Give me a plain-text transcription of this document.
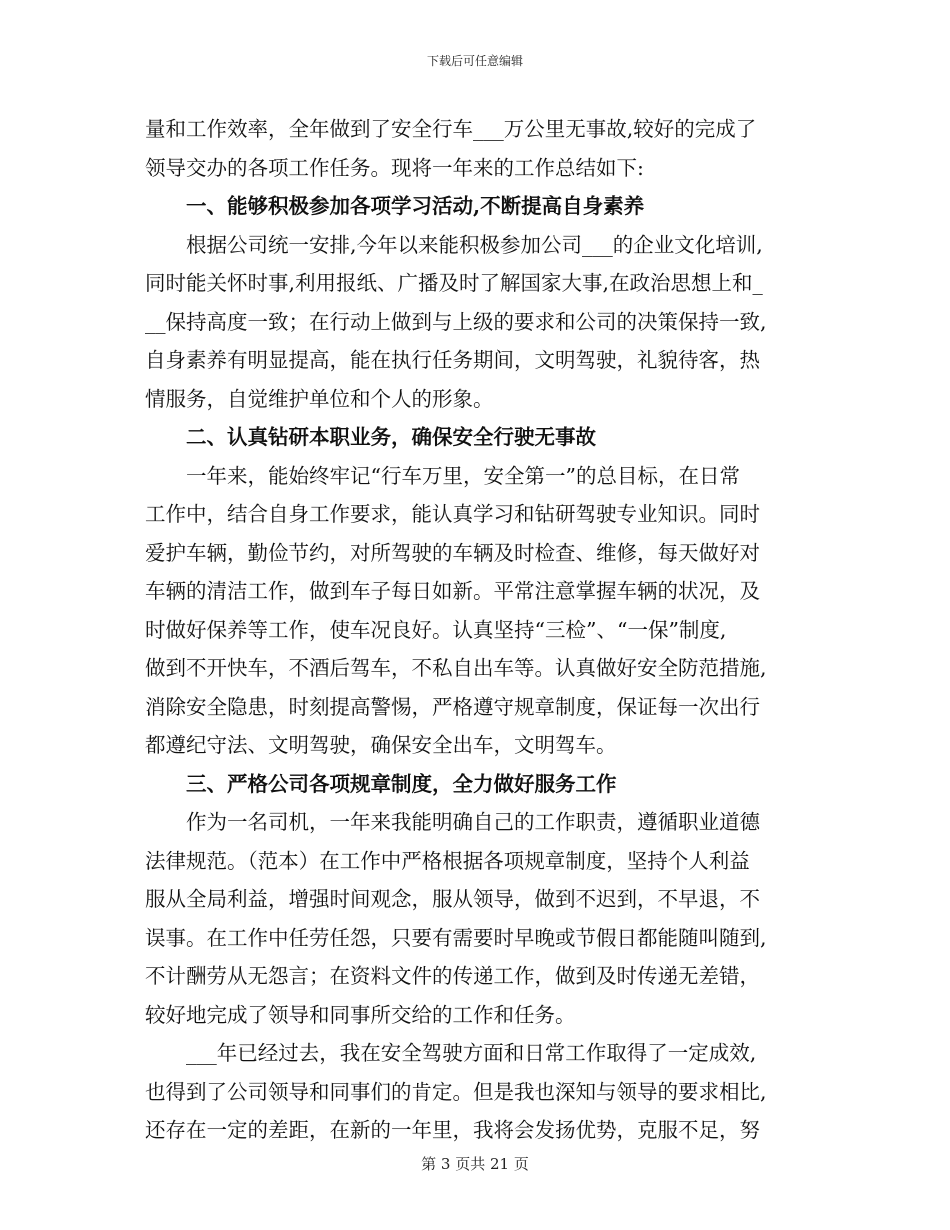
下载后可任意编辑
量和工作效率，全年做到了安全行车___万公里无事故,较好的完成了
领导交办的各项工作任务。现将一年来的工作总结如下:
一、能够积极参加各项学习活动,不断提高自身素养
根据公司统一安排,今年以来能积极参加公司___的企业文化培训,
同时能关怀时事,利用报纸、广播及时了解国家大事,在政治思想上和_
__保持高度一致；在行动上做到与上级的要求和公司的决策保持一致,
自身素养有明显提高，能在执行任务期间，文明驾驶，礼貌待客，热
情服务，自觉维护单位和个人的形象。
二、认真钻研本职业务，确保安全行驶无事故
一年来，能始终牢记“行车万里，安全第一”的总目标，在日常
工作中，结合自身工作要求，能认真学习和钻研驾驶专业知识。同时
爱护车辆，勤俭节约，对所驾驶的车辆及时检查、维修，每天做好对
车辆的清洁工作，做到车子每日如新。平常注意掌握车辆的状况，及
时做好保养等工作，使车况良好。认真坚持“三检”、“一保”制度,
做到不开快车，不酒后驾车，不私自出车等。认真做好安全防范措施,
消除安全隐患，时刻提高警惕，严格遵守规章制度，保证每一次出行
都遵纪守法、文明驾驶，确保安全出车，文明驾车。
三、严格公司各项规章制度，全力做好服务工作
作为一名司机，一年来我能明确自己的工作职责，遵循职业道德
法律规范。（范本）在工作中严格根据各项规章制度，坚持个人利益
服从全局利益，增强时间观念，服从领导，做到不迟到，不早退，不
误事。在工作中任劳任怨，只要有需要时早晚或节假日都能随叫随到,
不计酬劳从无怨言；在资料文件的传递工作，做到及时传递无差错，
较好地完成了领导和同事所交给的工作和任务。
___年已经过去，我在安全驾驶方面和日常工作取得了一定成效,
也得到了公司领导和同事们的肯定。但是我也深知与领导的要求相比,
还存在一定的差距，在新的一年里，我将会发扬优势，克服不足，努
第 3 页共 21 页
